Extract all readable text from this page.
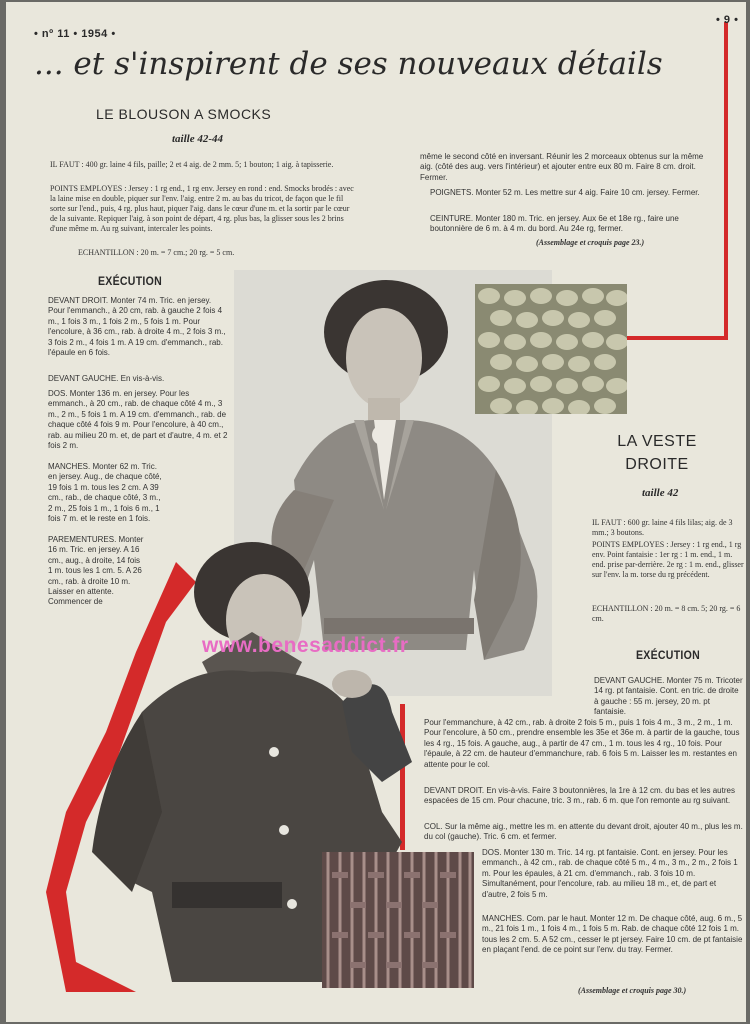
• nº 11 • 1954 •
• 9 •
... et s'inspirent de ses nouveaux détails
LE BLOUSON A SMOCKS
taille 42-44
IL FAUT : 400 gr. laine 4 fils, paille; 2 et 4 aig. de 2 mm. 5; 1 bouton; 1 aig. à tapisserie.
POINTS EMPLOYES : Jersey : 1 rg end., 1 rg env. Jersey en rond : end. Smocks brodés : avec la laine mise en double, piquer sur l'env. l'aig. entre 2 m. au bas du tricot, de façon que le fil sorte sur l'end., puis, 4 rg. plus haut, piquer l'aig. dans le cœur d'une m. et la sortir par le cœur de la suivante. Repiquer l'aig. à son point de départ, 4 rg. plus bas, la glisser sous les 2 brins d'une même m. Au rg suivant, intercaler les points.
ECHANTILLON : 20 m. = 7 cm.; 20 rg. = 5 cm.
EXÉCUTION
DEVANT DROIT. Monter 74 m. Tric. en jersey. Pour l'emmanch., à 20 cm, rab. à gauche 2 fois 4 m., 1 fois 3 m., 1 fois 2 m., 5 fois 1 m. Pour l'encolure, à 36 cm., rab. à droite 4 m., 2 fois 3 m., 3 fois 2 m., 4 fois 1 m. A 19 cm. d'emmanch., rab. l'épaule en 6 fois.
DEVANT GAUCHE. En vis-à-vis.
DOS. Monter 136 m. en jersey. Pour les emmanch., à 20 cm., rab. de chaque côté 4 m., 3 m., 2 m., 5 fois 1 m. A 19 cm. d'emmanch., rab. de chaque côté 4 fois 9 m. Pour l'encolure, à 40 cm., rab. au milieu 20 m. et, de part et d'autre, 4 m. et 2 fois 2 m.
MANCHES. Monter 62 m. Tric. en jersey. Aug., de chaque côté, 19 fois 1 m. tous les 2 cm. A 39 cm., rab., de chaque côté, 3 m., 2 m., 25 fois 1 m., 1 fois 6 m., 1 fois 7 m. et le reste en 1 fois.
PAREMENTURES. Monter 16 m. Tric. en jersey. A 16 cm., aug., à droite, 14 fois 1 m. tous les 1 cm. 5. A 26 cm., rab. à droite 10 m. Laisser en attente. Commencer de
même le second côté en inversant. Réunir les 2 morceaux obtenus sur la même aig. (côté des aug. vers l'intérieur) et ajouter entre eux 80 m. Faire 8 cm. droit. Fermer.
POIGNETS. Monter 52 m. Les mettre sur 4 aig. Faire 10 cm. jersey. Fermer.
CEINTURE. Monter 180 m. Tric. en jersey. Aux 6e et 18e rg., faire une boutonnière de 6 m. à 4 m. du bord. Au 24e rg, fermer.
(Assemblage et croquis page 23.)
LA VESTE
DROITE
taille 42
IL FAUT : 600 gr. laine 4 fils lilas; aig. de 3 mm.; 3 boutons.
POINTS EMPLOYES : Jersey : 1 rg end., 1 rg env. Point fantaisie : 1er rg : 1 m. end., 1 m. end. prise par-derrière. 2e rg : 1 m. end., glisser sur l'env. la m. torse du rg précédent.
ECHANTILLON : 20 m. = 8 cm. 5; 20 rg. = 6 cm.
EXÉCUTION
DEVANT GAUCHE. Monter 75 m. Tricoter 14 rg. pt fantaisie. Cont. en tric. de droite à gauche : 55 m. jersey, 20 m. pt fantaisie.
Pour l'emmanchure, à 42 cm., rab. à droite 2 fois 5 m., puis 1 fois 4 m., 3 m., 2 m., 1 m. Pour l'encolure, à 50 cm., prendre ensemble les 35e et 36e m. à partir de la gauche, tous les 4 rg., 15 fois. A gauche, aug., à partir de 47 cm., 1 m. tous les 4 rg., 10 fois. Pour l'épaule, à 22 cm. de hauteur d'emmanchure, rab. 6 fois 5 m. Laisser les m. restantes en attente pour le col.
DEVANT DROIT. En vis-à-vis. Faire 3 boutonnières, la 1re à 12 cm. du bas et les autres espacées de 15 cm. Pour chacune, tric. 3 m., rab. 6 m. que l'on remonte au rg suivant.
COL. Sur la même aig., mettre les m. en attente du devant droit, ajouter 40 m., plus les m. du col (gauche). Tric. 6 cm. et fermer.
DOS. Monter 130 m. Tric. 14 rg. pt fantaisie. Cont. en jersey. Pour les emmanch., à 42 cm., rab. de chaque côté 5 m., 4 m., 3 m., 2 m., 2 fois 1 m. Pour les épaules, à 21 cm. d'emmanch., rab. 3 fois 10 m. Simultanément, pour l'encolure, rab. au milieu 18 m., et, de part et d'autre, 2 fois 5 m.
MANCHES. Com. par le haut. Monter 12 m. De chaque côté, aug. 6 m., 5 m., 21 fois 1 m., 1 fois 4 m., 1 fois 5 m. Rab. de chaque côté 12 fois 1 m. tous les 2 cm. 5. A 52 cm., cesser le pt jersey. Faire 10 cm. de pt fantaisie en plaçant l'end. de ce point sur l'env. du tray. Fermer.
(Assemblage et croquis page 30.)
www.benesaddict.fr
